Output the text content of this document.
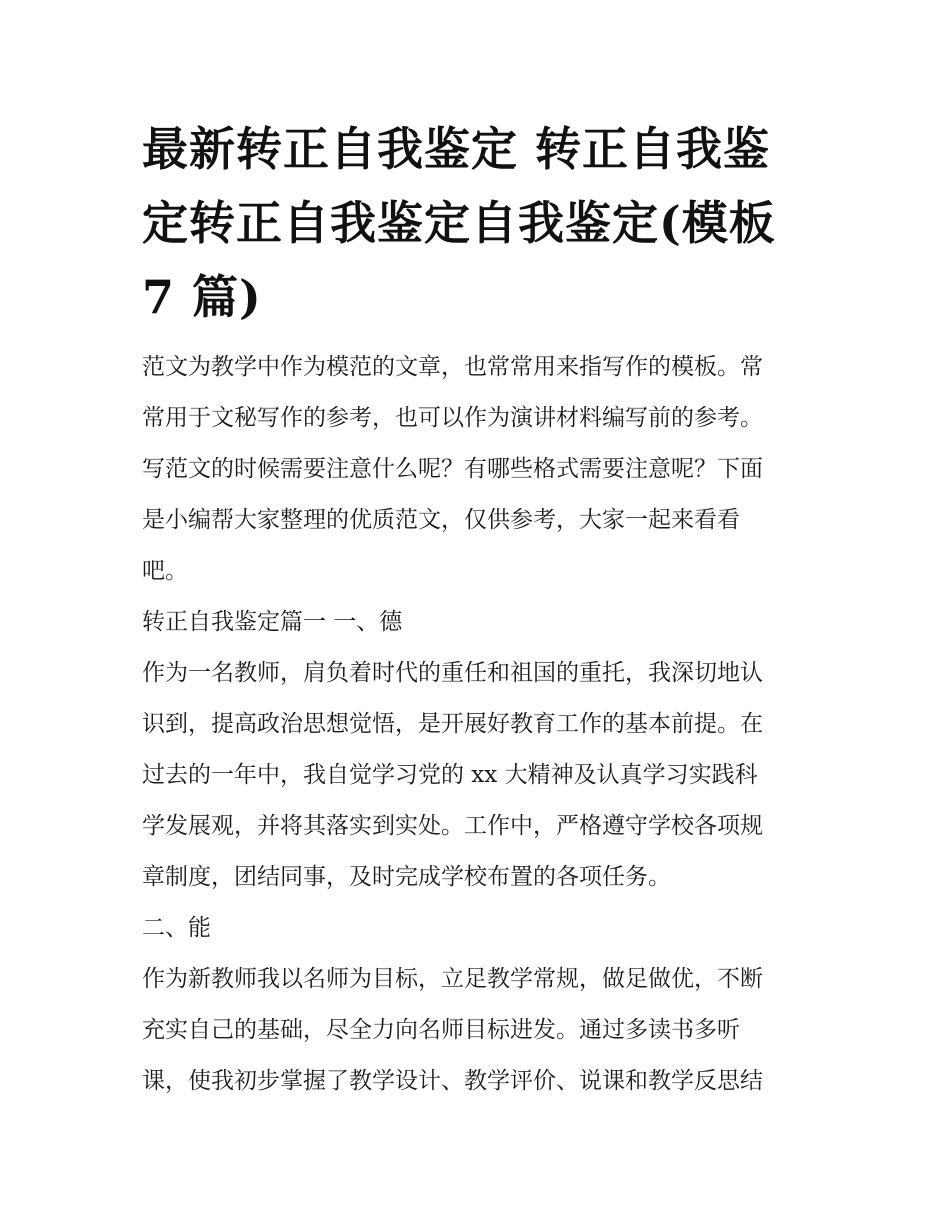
最新转正自我鉴定 转正自我鉴
定转正自我鉴定自我鉴定(模板
7 篇)

范文为教学中作为模范的文章，也常常用来指写作的模板。常
常用于文秘写作的参考，也可以作为演讲材料编写前的参考。
写范文的时候需要注意什么呢？有哪些格式需要注意呢？下面
是小编帮大家整理的优质范文，仅供参考，大家一起来看看
吧。

转正自我鉴定篇一 一、德

作为一名教师，肩负着时代的重任和祖国的重托，我深切地认
识到，提高政治思想觉悟，是开展好教育工作的基本前提。在
过去的一年中，我自觉学习党的 xx 大精神及认真学习实践科
学发展观，并将其落实到实处。工作中，严格遵守学校各项规
章制度，团结同事，及时完成学校布置的各项任务。

二、能

作为新教师我以名师为目标，立足教学常规，做足做优，不断
充实自己的基础，尽全力向名师目标进发。通过多读书多听
课，使我初步掌握了教学设计、教学评价、说课和教学反思结
